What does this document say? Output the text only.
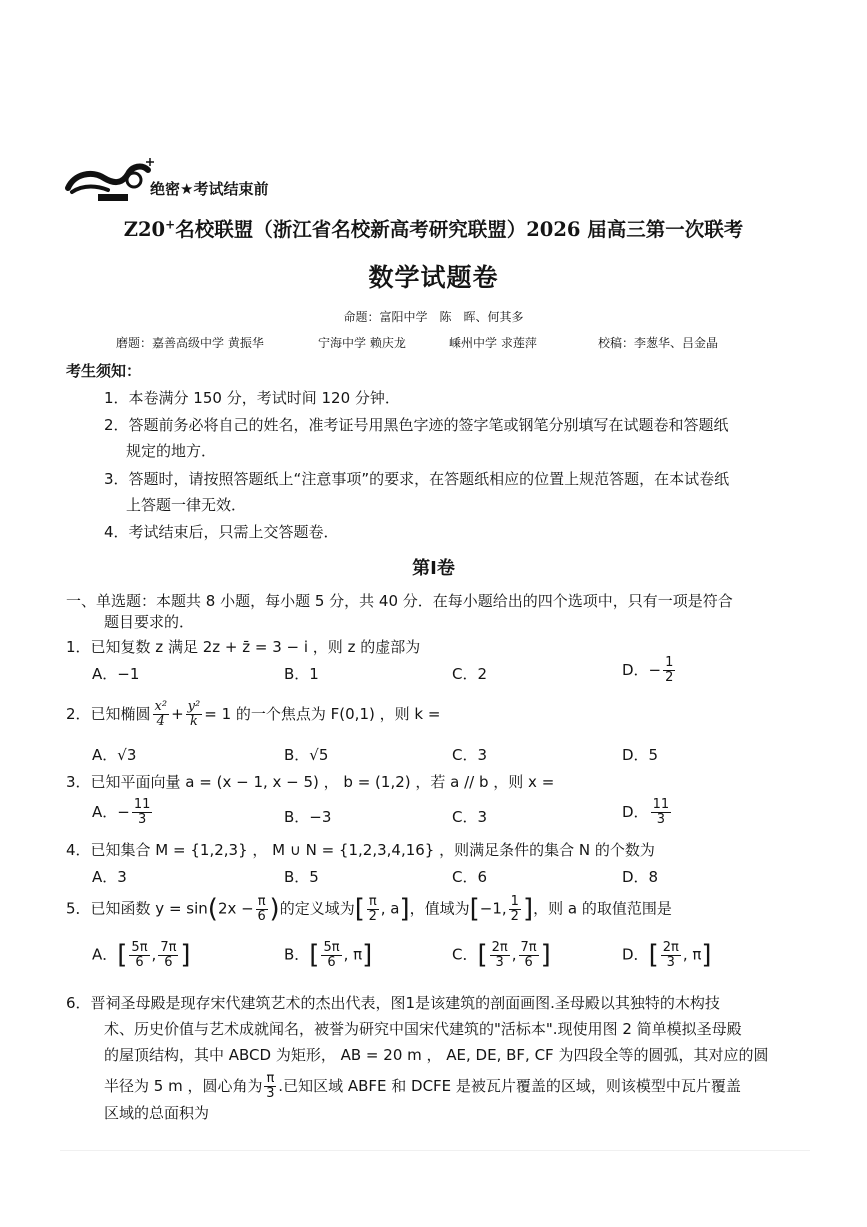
绝密★考试结束前
Z20+名校联盟（浙江省名校新高考研究联盟）2026 届高三第一次联考
数学试题卷
命题：富阳中学　陈　晖、何其多
磨题：嘉善高级中学 黄振华	宁海中学 赖庆龙	嵊州中学 求莲萍	校稿：李葱华、吕金晶
考生须知：
1．本卷满分 150 分，考试时间 120 分钟．
2．答题前务必将自己的姓名，准考证号用黑色字迹的签字笔或钢笔分别填写在试题卷和答题纸
规定的地方．
3．答题时，请按照答题纸上“注意事项”的要求，在答题纸相应的位置上规范答题，在本试卷纸
上答题一律无效．
4．考试结束后，只需上交答题卷．
第Ⅰ卷
一、单选题：本题共 8 小题，每小题 5 分，共 40 分．在每小题给出的四个选项中，只有一项是符合
题目要求的．
1．已知复数 z 满足 2z + z̄ = 3 − i ，则 z 的虚部为
A．−1	B．1	C．2	D．− $\frac{1}{2}$
2．已知椭圆 $\frac{\text{x²}}{4} + \frac{\text{y²}}{k} = 1$ 的一个焦点为 F(0,1) ，则 k =
A．√3	B．√5	C．3	D．5
3．已知平面向量 a = (x − 1, x − 5) ， b = (1,2) ，若 a // b ，则 x =
A．− $\frac{11}{3}$	B．−3	C．3	D． $\frac{11}{3}$
4．已知集合 M = {1,2,3} ， M ∪ N = {1,2,3,4,16} ，则满足条件的集合 N 的个数为
A．3	B．5	C．6	D．8
5．已知函数 $y = \sin(2x - \frac{\pi}{6}$ )的定义域为[ $\frac{\pi}{2}$ , a]，值域为[−1, $\frac{1}{2}$ ]，则 a 的取值范围是
A．[ $\frac{5\pi}{6}$ , $\frac{7\pi}{6}$ ]	B．[ $\frac{5\pi}{6}$ , π]	C．[ $\frac{2\pi}{3}$ , $\frac{7\pi}{6}$ ]	D．[ $\frac{2\pi}{3}$ , π]
6．晋祠圣母殿是现存宋代建筑艺术的杰出代表，图1是该建筑的剖面画图.圣母殿以其独特的木构技
术、历史价值与艺术成就闻名，被誉为研究中国宋代建筑的"活标本".现使用图 2 简单模拟圣母殿
的屋顶结构，其中 ABCD 为矩形， AB = 20 m ， AE, DE, BF, CF 为四段全等的圆弧，其对应的圆
半径为 5 m ，圆心角为 $\frac{\pi}{3}$ .已知区域 ABFE 和 DCFE 是被瓦片覆盖的区域，则该模型中瓦片覆盖
区域的总面积为
